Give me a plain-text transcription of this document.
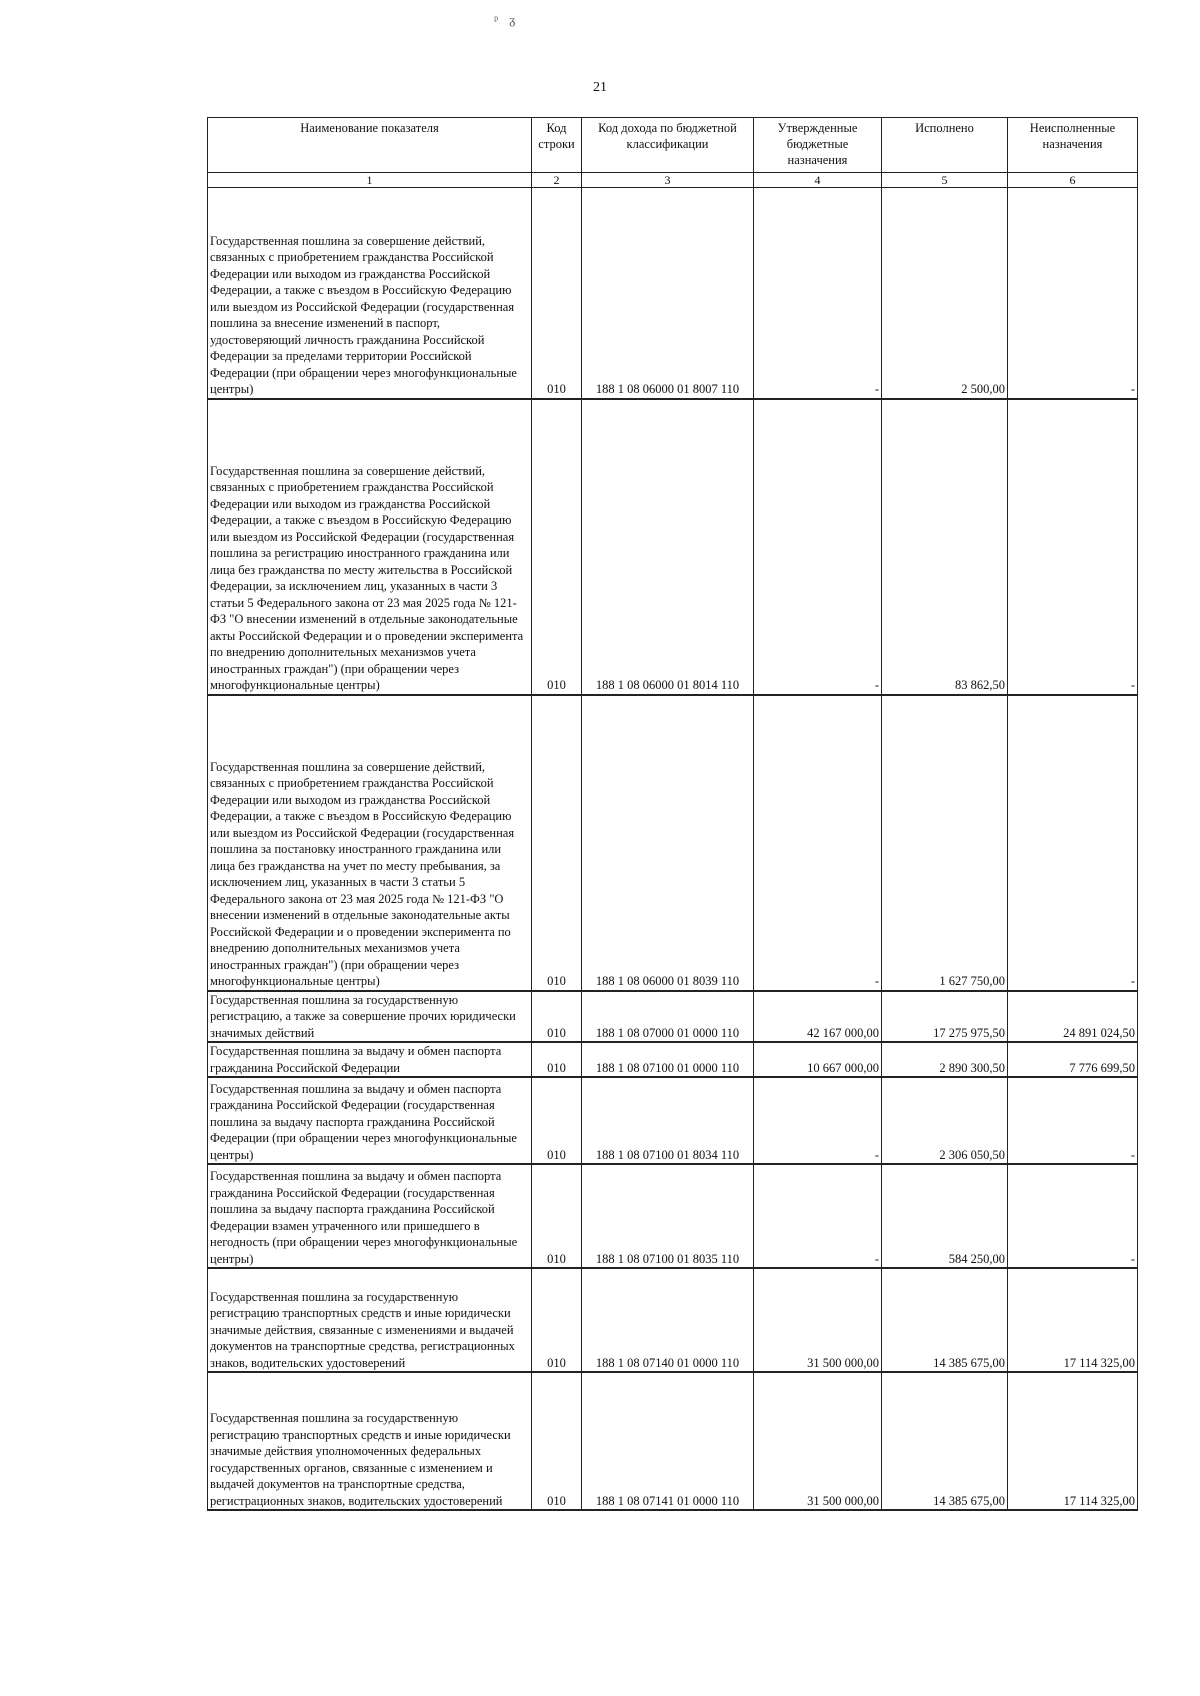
ᵖ ᵹ
21
Наименование показателя	Код строки	Код дохода по бюджетной классификации	Утвержденные бюджетные назначения	Исполнено	Неисполненные назначения
1	2	3	4	5	6
Государственная пошлина за совершение действий, связанных с приобретением гражданства Российской Федерации или выходом из гражданства Российской Федерации, а также с въездом в Российскую Федерацию или выездом из Российской Федерации (государственная пошлина за внесение изменений в паспорт, удостоверяющий личность гражданина Российской Федерации за пределами территории Российской Федерации (при обращении через многофункциональные центры)	010	188 1 08 06000 01 8007 110	-	2 500,00	-
Государственная пошлина за совершение действий, связанных с приобретением гражданства Российской Федерации или выходом из гражданства Российской Федерации, а также с въездом в Российскую Федерацию или выездом из Российской Федерации (государственная пошлина за регистрацию иностранного гражданина или лица без гражданства по месту жительства в Российской Федерации, за исключением лиц, указанных в части 3 статьи 5 Федерального закона от 23 мая 2025 года № 121-ФЗ "О внесении изменений в отдельные законодательные акты Российской Федерации и о проведении эксперимента по внедрению дополнительных механизмов учета иностранных граждан") (при обращении через многофункциональные центры)	010	188 1 08 06000 01 8014 110	-	83 862,50	-
Государственная пошлина за совершение действий, связанных с приобретением гражданства Российской Федерации или выходом из гражданства Российской Федерации, а также с въездом в Российскую Федерацию или выездом из Российской Федерации (государственная пошлина за постановку иностранного гражданина или лица без гражданства на учет по месту пребывания, за исключением лиц, указанных в части 3 статьи 5 Федерального закона от 23 мая 2025 года № 121-ФЗ "О внесении изменений в отдельные законодательные акты Российской Федерации и о проведении эксперимента по внедрению дополнительных механизмов учета иностранных граждан") (при обращении через многофункциональные центры)	010	188 1 08 06000 01 8039 110	-	1 627 750,00	-
Государственная пошлина за государственную регистрацию, а также за совершение прочих юридически значимых действий	010	188 1 08 07000 01 0000 110	42 167 000,00	17 275 975,50	24 891 024,50
Государственная пошлина за выдачу и обмен паспорта гражданина Российской Федерации	010	188 1 08 07100 01 0000 110	10 667 000,00	2 890 300,50	7 776 699,50
Государственная пошлина за выдачу и обмен паспорта гражданина Российской Федерации (государственная пошлина за выдачу паспорта гражданина Российской Федерации (при обращении через многофункциональные центры)	010	188 1 08 07100 01 8034 110	-	2 306 050,50	-
Государственная пошлина за выдачу и обмен паспорта гражданина Российской Федерации (государственная пошлина за выдачу паспорта гражданина Российской Федерации взамен утраченного или пришедшего в негодность (при обращении через многофункциональные центры)	010	188 1 08 07100 01 8035 110	-	584 250,00	-
Государственная пошлина за государственную регистрацию транспортных средств и иные юридически значимые действия, связанные с изменениями и выдачей документов на транспортные средства, регистрационных знаков, водительских удостоверений	010	188 1 08 07140 01 0000 110	31 500 000,00	14 385 675,00	17 114 325,00
Государственная пошлина за государственную регистрацию транспортных средств и иные юридически значимые действия уполномоченных федеральных государственных органов, связанные с изменением и выдачей документов на транспортные средства, регистрационных знаков, водительских удостоверений	010	188 1 08 07141 01 0000 110	31 500 000,00	14 385 675,00	17 114 325,00
